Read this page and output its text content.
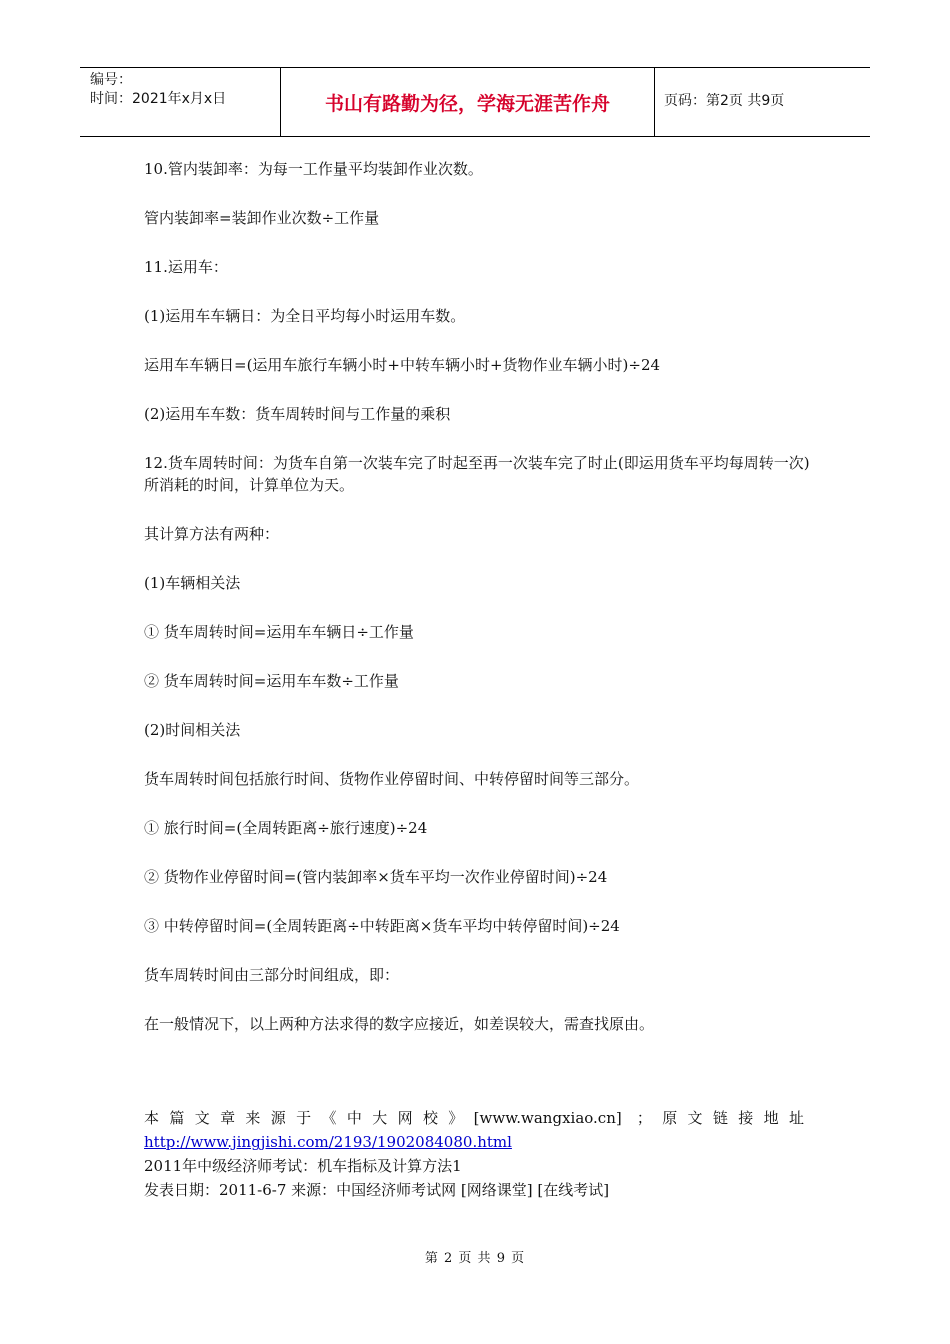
编号：
时间：2021年x月x日	书山有路勤为径，学海无涯苦作舟	页码：第2页 共9页

10.管内装卸率：为每一工作量平均装卸作业次数。

管内装卸率=装卸作业次数÷工作量

11.运用车：

(1)运用车车辆日：为全日平均每小时运用车数。

运用车车辆日=(运用车旅行车辆小时+中转车辆小时+货物作业车辆小时)÷24

(2)运用车车数：货车周转时间与工作量的乘积

12.货车周转时间：为货车自第一次装车完了时起至再一次装车完了时止(即运用货车平均每周转一次)所消耗的时间，计算单位为天。

其计算方法有两种：

(1)车辆相关法

① 货车周转时间=运用车车辆日÷工作量

② 货车周转时间=运用车车数÷工作量

(2)时间相关法

货车周转时间包括旅行时间、货物作业停留时间、中转停留时间等三部分。

① 旅行时间=(全周转距离÷旅行速度)÷24

② 货物作业停留时间=(管内装卸率×货车平均一次作业停留时间)÷24

③ 中转停留时间=(全周转距离÷中转距离×货车平均中转停留时间)÷24

货车周转时间由三部分时间组成，即：

在一般情况下，以上两种方法求得的数字应接近，如差误较大，需查找原由。

本篇文章来源于《中大网校》[www.wangxiao.cn] ；原文链接地址
http://www.jingjishi.com/2193/1902084080.html
2011年中级经济师考试：机车指标及计算方法1
发表日期：2011-6-7 来源：中国经济师考试网 [网络课堂] [在线考试]
第 2 页 共 9 页
